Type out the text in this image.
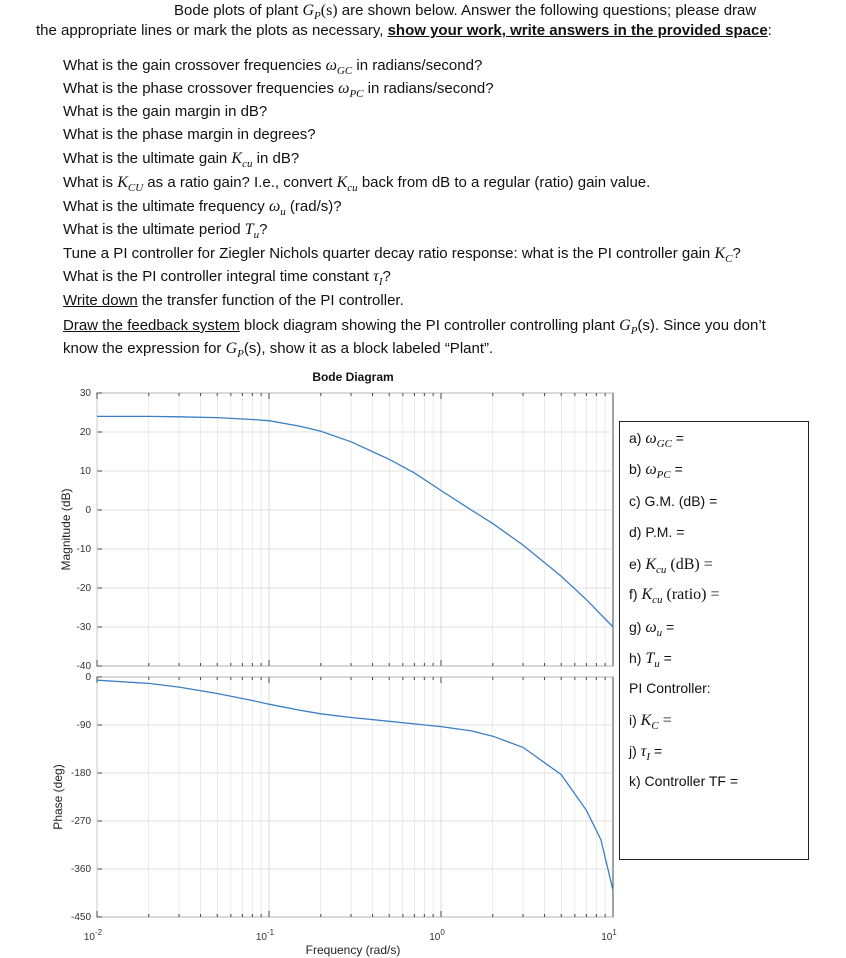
Bode plots of plant $G_P(s)$ are shown below. Answer the following questions; please draw
the appropriate lines or mark the plots as necessary, show your work, write answers in the provided space:
What is the gain crossover frequencies $\omega_{GC}$ in radians/second?
What is the phase crossover frequencies $\omega_{PC}$ in radians/second?
What is the gain margin in dB?
What is the phase margin in degrees?
What is the ultimate gain $K_{cu}$ in dB?
What is $K_{CU}$ as a ratio gain? I.e., convert $K_{cu}$ back from dB to a regular (ratio) gain value.
What is the ultimate frequency $\omega_u$ (rad/s)?
What is the ultimate period $T_u$?
Tune a PI controller for Ziegler Nichols quarter decay ratio response: what is the PI controller gain $K_C$?
What is the PI controller integral time constant $\tau_I$?
Write down the transfer function of the PI controller.
Draw the feedback system block diagram showing the PI controller controlling plant $G_P(s)$. Since you don’t
know the expression for $G_P(s)$, show it as a block labeled “Plant”.
Bode Diagram
30
20
10
0
-10
-20
-30
-40
Magnitude (dB)
0
-90
-180
-270
-360
-450
Phase (deg)
$10^{-2}$	$10^{-1}$	$10^0$	$10^1$
Frequency (rad/s)
a) $\omega_{GC}$ =
b) $\omega_{PC}$ =
c) G.M. (dB) =
d) P.M. =
e) $K_{cu}$ (dB) =
f) $K_{cu}$ (ratio) =
g) $\omega_u$ =
h) $T_u$ =
PI Controller:
i) $K_C$ =
j) $\tau_I$ =
k) Controller TF =
